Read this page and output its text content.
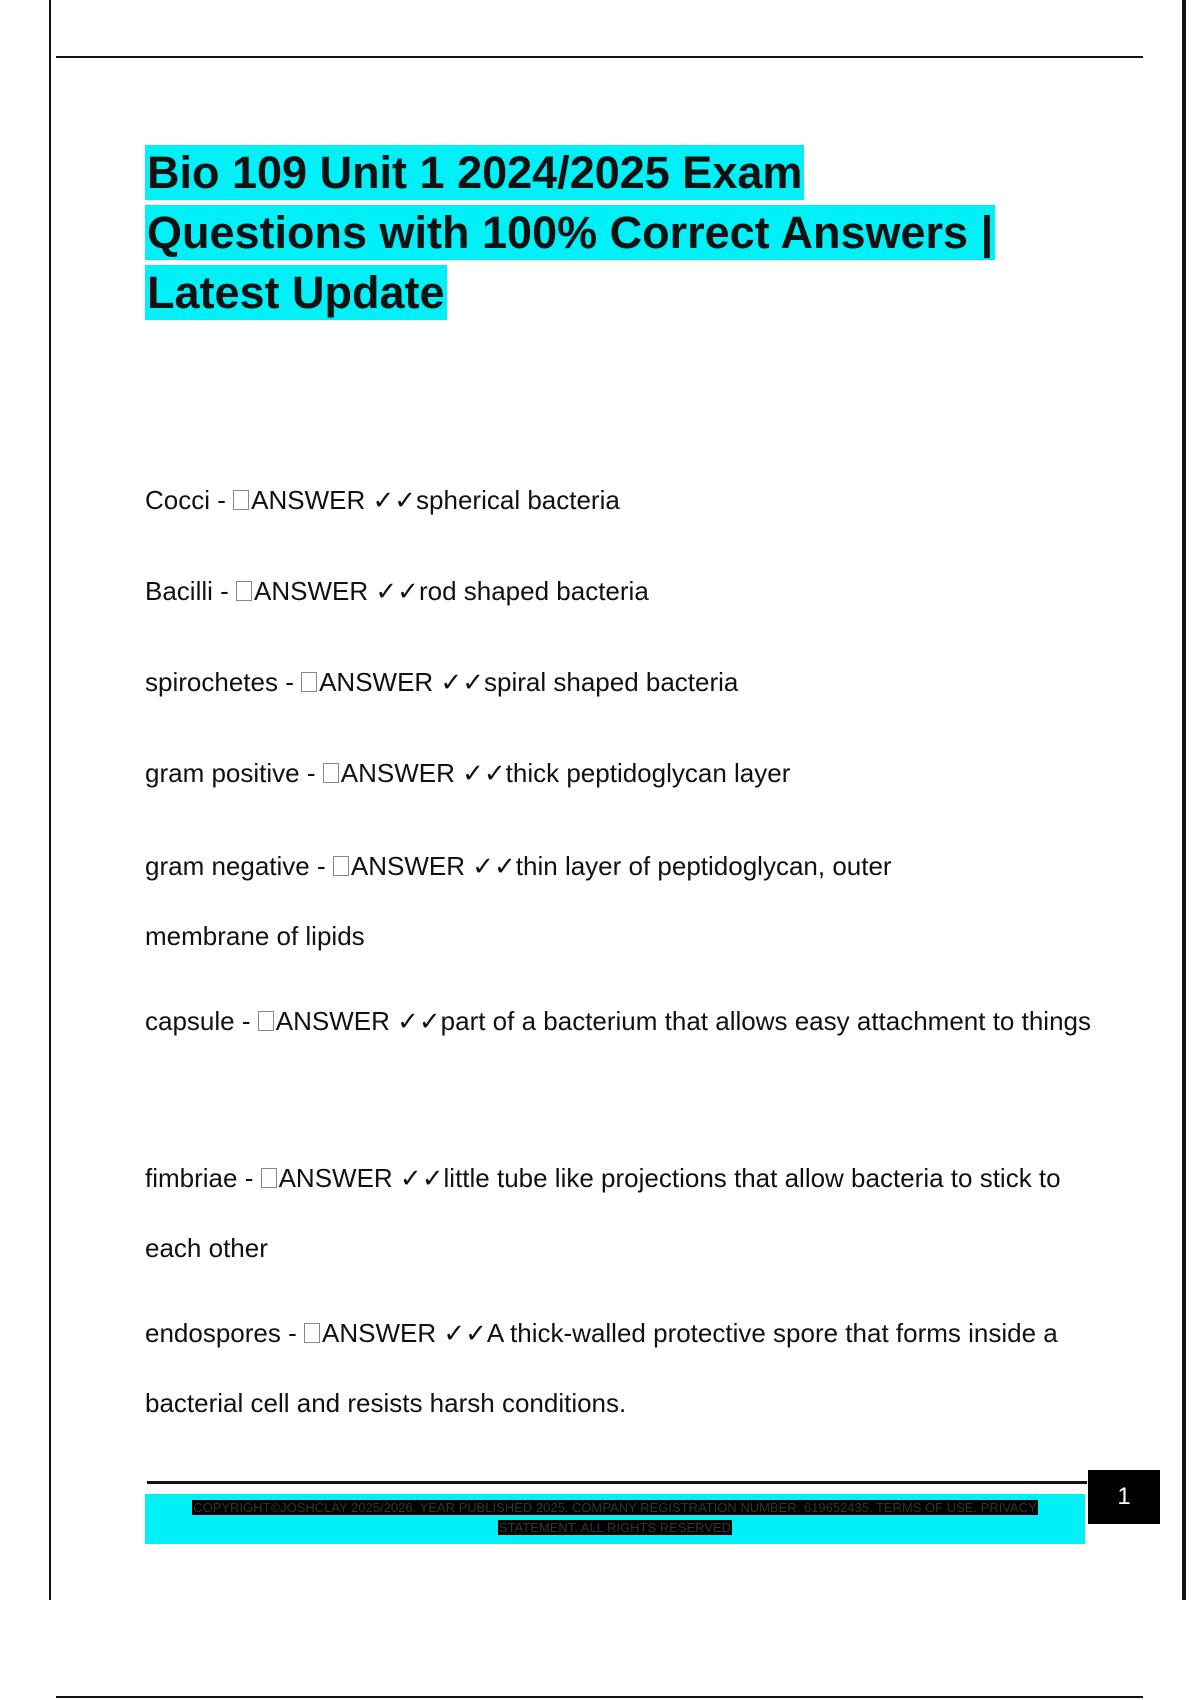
Bio 109 Unit 1 2024/2025 Exam
Questions with 100% Correct Answers |
Latest Update

Cocci - ANSWER ✓✓spherical bacteria

Bacilli - ANSWER ✓✓rod shaped bacteria

spirochetes - ANSWER ✓✓spiral shaped bacteria

gram positive - ANSWER ✓✓thick peptidoglycan layer

gram negative - ANSWER ✓✓thin layer of peptidoglycan, outer membrane of lipids

capsule - ANSWER ✓✓part of a bacterium that allows easy attachment to things

fimbriae - ANSWER ✓✓little tube like projections that allow bacteria to stick to each other

endospores - ANSWER ✓✓A thick-walled protective spore that forms inside a bacterial cell and resists harsh conditions.

COPYRIGHT©JOSHCLAY 2025/2026. YEAR PUBLISHED 2025. COMPANY REGISTRATION NUMBER: 619652435. TERMS OF USE. PRIVACY
STATEMENT. ALL RIGHTS RESERVED
1
